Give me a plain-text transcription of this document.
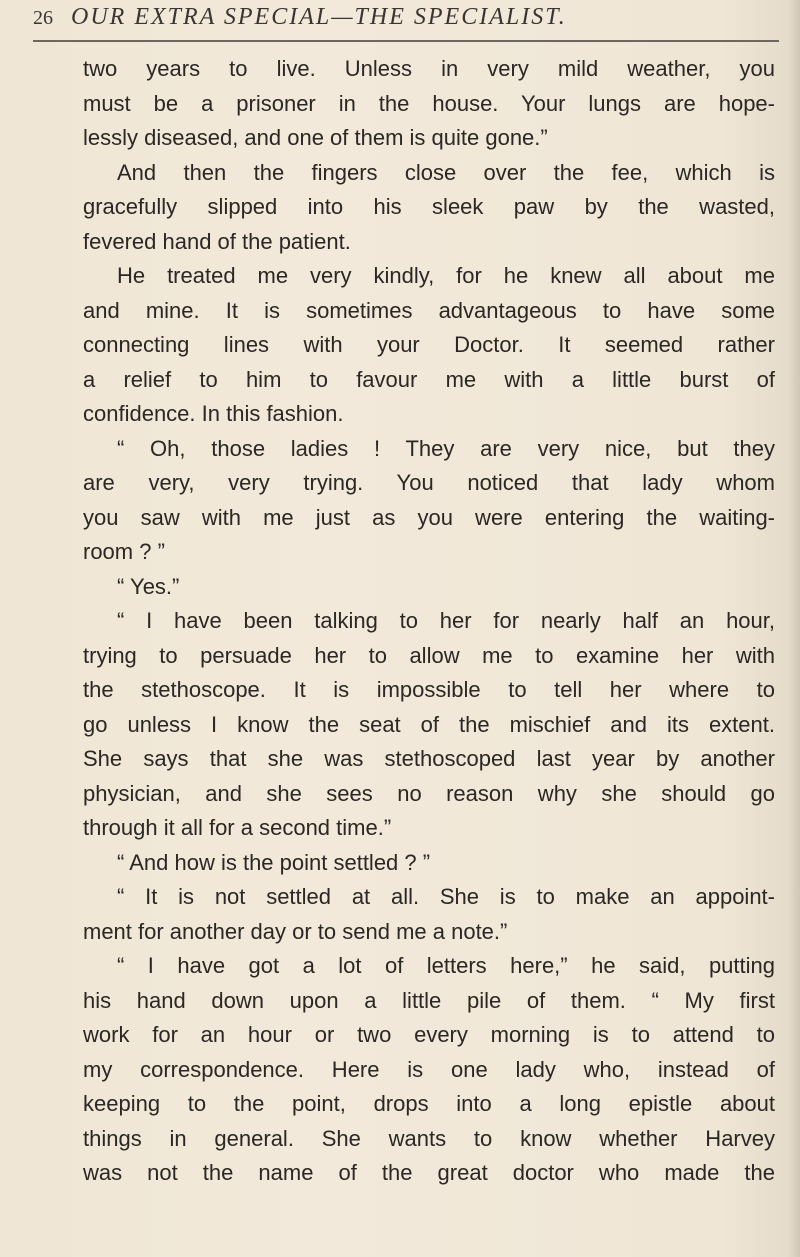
26 OUR EXTRA SPECIAL—THE SPECIALIST.
two years to live. Unless in very mild weather, you
must be a prisoner in the house. Your lungs are hope-
lessly diseased, and one of them is quite gone.”
And then the fingers close over the fee, which is
gracefully slipped into his sleek paw by the wasted,
fevered hand of the patient.
He treated me very kindly, for he knew all about me
and mine. It is sometimes advantageous to have some
connecting lines with your Doctor. It seemed rather
a relief to him to favour me with a little burst of
confidence. In this fashion.
“ Oh, those ladies ! They are very nice, but they
are very, very trying. You noticed that lady whom
you saw with me just as you were entering the waiting-
room ? ”
“ Yes.”
“ I have been talking to her for nearly half an hour,
trying to persuade her to allow me to examine her with
the stethoscope. It is impossible to tell her where to
go unless I know the seat of the mischief and its extent.
She says that she was stethoscoped last year by another
physician, and she sees no reason why she should go
through it all for a second time.”
“ And how is the point settled ? ”
“ It is not settled at all. She is to make an appoint-
ment for another day or to send me a note.”
“ I have got a lot of letters here,” he said, putting
his hand down upon a little pile of them. “ My first
work for an hour or two every morning is to attend to
my correspondence. Here is one lady who, instead of
keeping to the point, drops into a long epistle about
things in general. She wants to know whether Harvey
was not the name of the great doctor who made the
